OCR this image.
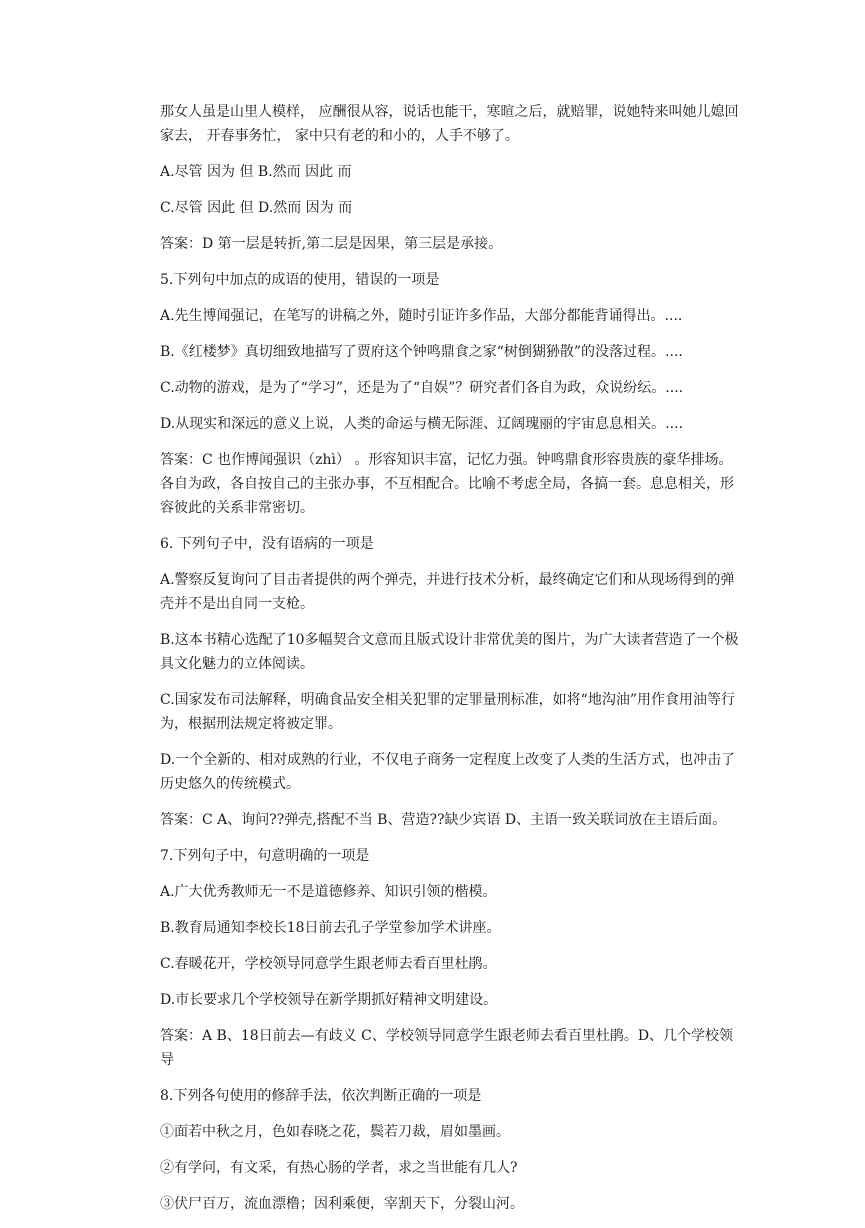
那女人虽是山里人模样， 应酬很从容，说话也能干，寒暄之后，就赔罪，说她特来叫她儿媳回家去， 开春事务忙， 家中只有老的和小的，人手不够了。

A.尽管 因为 但 B.然而 因此 而

C.尽管 因此 但 D.然而 因为 而

答案：D 第一层是转折,第二层是因果，第三层是承接。

5.下列句中加点的成语的使用，错误的一项是

A.先生博闻强记，在笔写的讲稿之外，随时引证许多作品，大部分都能背诵得出。....

B.《红楼梦》真切细致地描写了贾府这个钟鸣鼎食之家“树倒猢狲散”的没落过程。....

C.动物的游戏，是为了“学习”，还是为了“自娱”？研究者们各自为政，众说纷纭。....

D.从现实和深远的意义上说，人类的命运与横无际涯、辽阔瑰丽的宇宙息息相关。....

答案：C 也作博闻强识（zhì） 。形容知识丰富，记忆力强。钟鸣鼎食形容贵族的豪华排场。各自为政，各自按自己的主张办事，不互相配合。比喻不考虑全局，各搞一套。息息相关，形容彼此的关系非常密切。

6. 下列句子中，没有语病的一项是

A.警察反复询问了目击者提供的两个弹壳，并进行技术分析，最终确定它们和从现场得到的弹壳并不是出自同一支枪。

B.这本书精心选配了10多幅契合文意而且版式设计非常优美的图片，为广大读者营造了一个极具文化魅力的立体阅读。

C.国家发布司法解释，明确食品安全相关犯罪的定罪量刑标准，如将“地沟油”用作食用油等行为，根据刑法规定将被定罪。

D.一个全新的、相对成熟的行业，不仅电子商务一定程度上改变了人类的生活方式，也冲击了历史悠久的传统模式。

答案：C A、询问??弹壳,搭配不当 B、营造??缺少宾语 D、主语一致关联词放在主语后面。

7.下列句子中，句意明确的一项是

A.广大优秀教师无一不是道德修养、知识引领的楷模。

B.教育局通知李校长18日前去孔子学堂参加学术讲座。

C.春暖花开，学校领导同意学生跟老师去看百里杜鹃。

D.市长要求几个学校领导在新学期抓好精神文明建设。

答案：A B、18日前去—有歧义 C、学校领导同意学生跟老师去看百里杜鹃。D、几个学校领导

8.下列各句使用的修辞手法，依次判断正确的一项是

①面若中秋之月，色如春晓之花，鬓若刀裁，眉如墨画。

②有学问，有文采，有热心肠的学者，求之当世能有几人?

③伏尸百万，流血漂橹；因利乘便，宰割天下，分裂山河。
